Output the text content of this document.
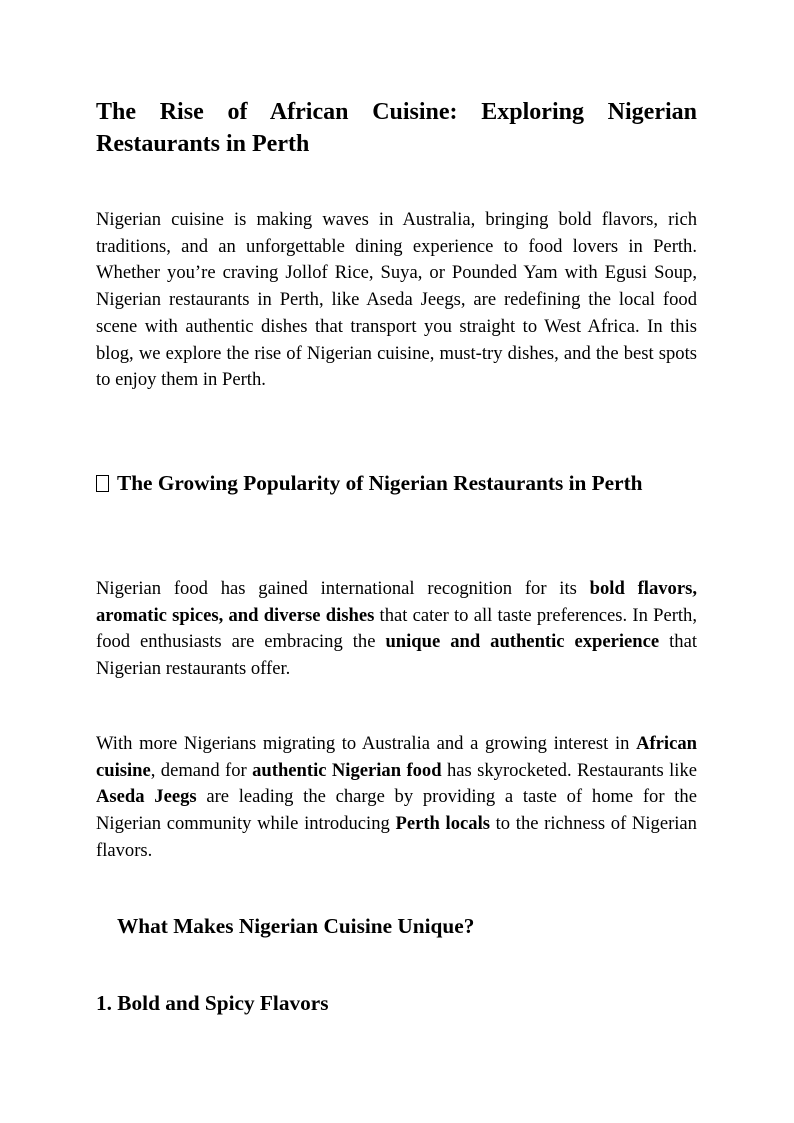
The Rise of African Cuisine: Exploring Nigerian Restaurants in Perth

Nigerian cuisine is making waves in Australia, bringing bold flavors, rich traditions, and an unforgettable dining experience to food lovers in Perth. Whether you’re craving Jollof Rice, Suya, or Pounded Yam with Egusi Soup, Nigerian restaurants in Perth, like Aseda Jeegs, are redefining the local food scene with authentic dishes that transport you straight to West Africa. In this blog, we explore the rise of Nigerian cuisine, must-try dishes, and the best spots to enjoy them in Perth.

The Growing Popularity of Nigerian Restaurants in Perth

Nigerian food has gained international recognition for its bold flavors, aromatic spices, and diverse dishes that cater to all taste preferences. In Perth, food enthusiasts are embracing the unique and authentic experience that Nigerian restaurants offer.

With more Nigerians migrating to Australia and a growing interest in African cuisine, demand for authentic Nigerian food has skyrocketed. Restaurants like Aseda Jeegs are leading the charge by providing a taste of home for the Nigerian community while introducing Perth locals to the richness of Nigerian flavors.

What Makes Nigerian Cuisine Unique?
1. Bold and Spicy Flavors
